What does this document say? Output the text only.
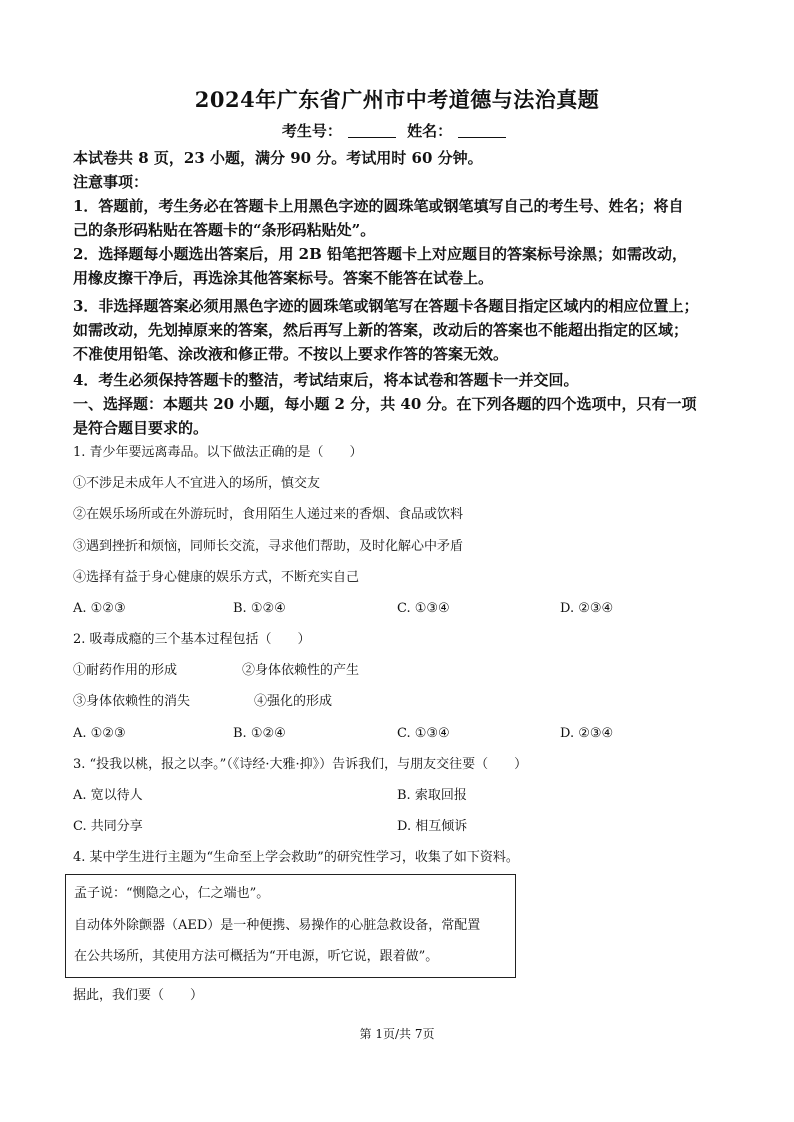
2024年广东省广州市中考道德与法治真题
考生号：	姓名：
本试卷共 8 页，23 小题，满分 90 分。考试用时 60 分钟。
注意事项：
1．答题前，考生务必在答题卡上用黑色字迹的圆珠笔或钢笔填写自己的考生号、姓名；将自
己的条形码粘贴在答题卡的“条形码粘贴处”。
2．选择题每小题选出答案后，用 2B 铅笔把答题卡上对应题目的答案标号涂黑；如需改动，
用橡皮擦干净后，再选涂其他答案标号。答案不能答在试卷上。
3．非选择题答案必须用黑色字迹的圆珠笔或钢笔写在答题卡各题目指定区域内的相应位置上；
如需改动，先划掉原来的答案，然后再写上新的答案，改动后的答案也不能超出指定的区域；
不准使用铅笔、涂改液和修正带。不按以上要求作答的答案无效。
4．考生必须保持答题卡的整洁，考试结束后，将本试卷和答题卡一并交回。
一、选择题：本题共 20 小题，每小题 2 分，共 40 分。在下列各题的四个选项中，只有一项
是符合题目要求的。
1. 青少年要远离毒品。以下做法正确的是（　　）
①不涉足未成年人不宜进入的场所，慎交友
②在娱乐场所或在外游玩时，食用陌生人递过来的香烟、食品或饮料
③遇到挫折和烦恼，同师长交流，寻求他们帮助，及时化解心中矛盾
④选择有益于身心健康的娱乐方式，不断充实自己
A. ①②③	B. ①②④	C. ①③④	D. ②③④
2. 吸毒成瘾的三个基本过程包括（　　）
①耐药作用的形成	②身体依赖性的产生
③身体依赖性的消失	④强化的形成
A. ①②③	B. ①②④	C. ①③④	D. ②③④
3. “投我以桃，报之以李。”（《诗经·大雅·抑》）告诉我们，与朋友交往要（　　）
A. 宽以待人	B. 索取回报
C. 共同分享	D. 相互倾诉
4. 某中学生进行主题为“生命至上学会救助”的研究性学习，收集了如下资料。
孟子说：“恻隐之心，仁之端也”。
自动体外除颤器（AED）是一种便携、易操作的心脏急救设备，常配置
在公共场所，其使用方法可概括为“开电源，听它说，跟着做”。
据此，我们要（　　）
第 1页/共 7页
